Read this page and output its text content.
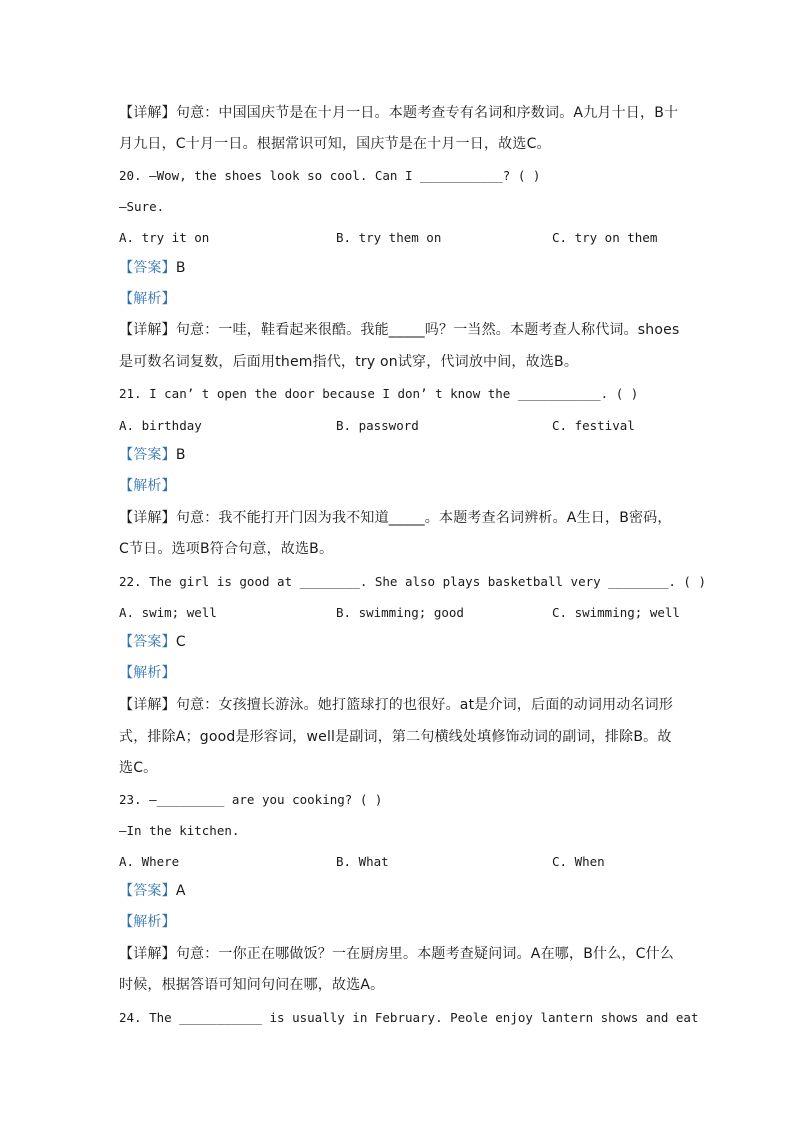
【详解】句意：中国国庆节是在十月一日。本题考查专有名词和序数词。A九月十日，B十
月九日，C十月一日。根据常识可知，国庆节是在十月一日，故选C。
20. —Wow, the shoes look so cool. Can I ___________? ( )
—Sure.
A. try it on	B. try them on	C. try on them
【答案】B
【解析】
【详解】句意：一哇，鞋看起来很酷。我能_____吗？一当然。本题考查人称代词。shoes
是可数名词复数，后面用them指代，try on试穿，代词放中间，故选B。
21. I can’ t open the door because I don’ t know the ___________. ( )
A. birthday	B. password	C. festival
【答案】B
【解析】
【详解】句意：我不能打开门因为我不知道_____。本题考查名词辨析。A生日，B密码，
C节日。选项B符合句意，故选B。
22. The girl is good at ________. She also plays basketball very ________. ( )
A. swim; well	B. swimming; good	C. swimming; well
【答案】C
【解析】
【详解】句意：女孩擅长游泳。她打篮球打的也很好。at是介词，后面的动词用动名词形
式，排除A；good是形容词，well是副词，第二句横线处填修饰动词的副词，排除B。故
选C。
23. —_________ are you cooking? ( )
—In the kitchen.
A. Where	B. What	C. When
【答案】A
【解析】
【详解】句意：一你正在哪做饭？一在厨房里。本题考查疑问词。A在哪，B什么，C什么
时候，根据答语可知问句问在哪，故选A。
24. The ___________ is usually in February. Peole enjoy lantern shows and eat
